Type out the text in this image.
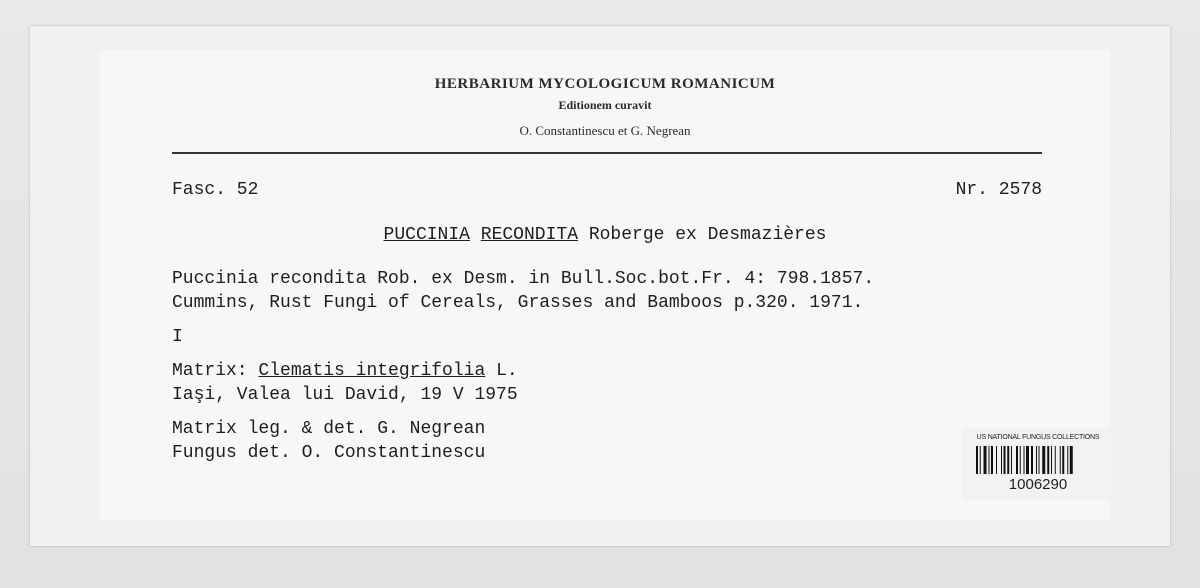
HERBARIUM MYCOLOGICUM ROMANICUM
Editionem curavit
O. Constantinescu et G. Negrean
Fasc. 52	Nr. 2578
PUCCINIA RECONDITA Roberge ex Desmazières
Puccinia recondita Rob. ex Desm. in Bull.Soc.bot.Fr. 4: 798.1857.
Cummins, Rust Fungi of Cereals, Grasses and Bamboos p.320. 1971.
I
Matrix: Clematis integrifolia L.
Iaşi, Valea lui David, 19 V 1975
Matrix leg. & det. G. Negrean
Fungus det. O. Constantinescu
US NATIONAL FUNGUS COLLECTIONS
1006290
